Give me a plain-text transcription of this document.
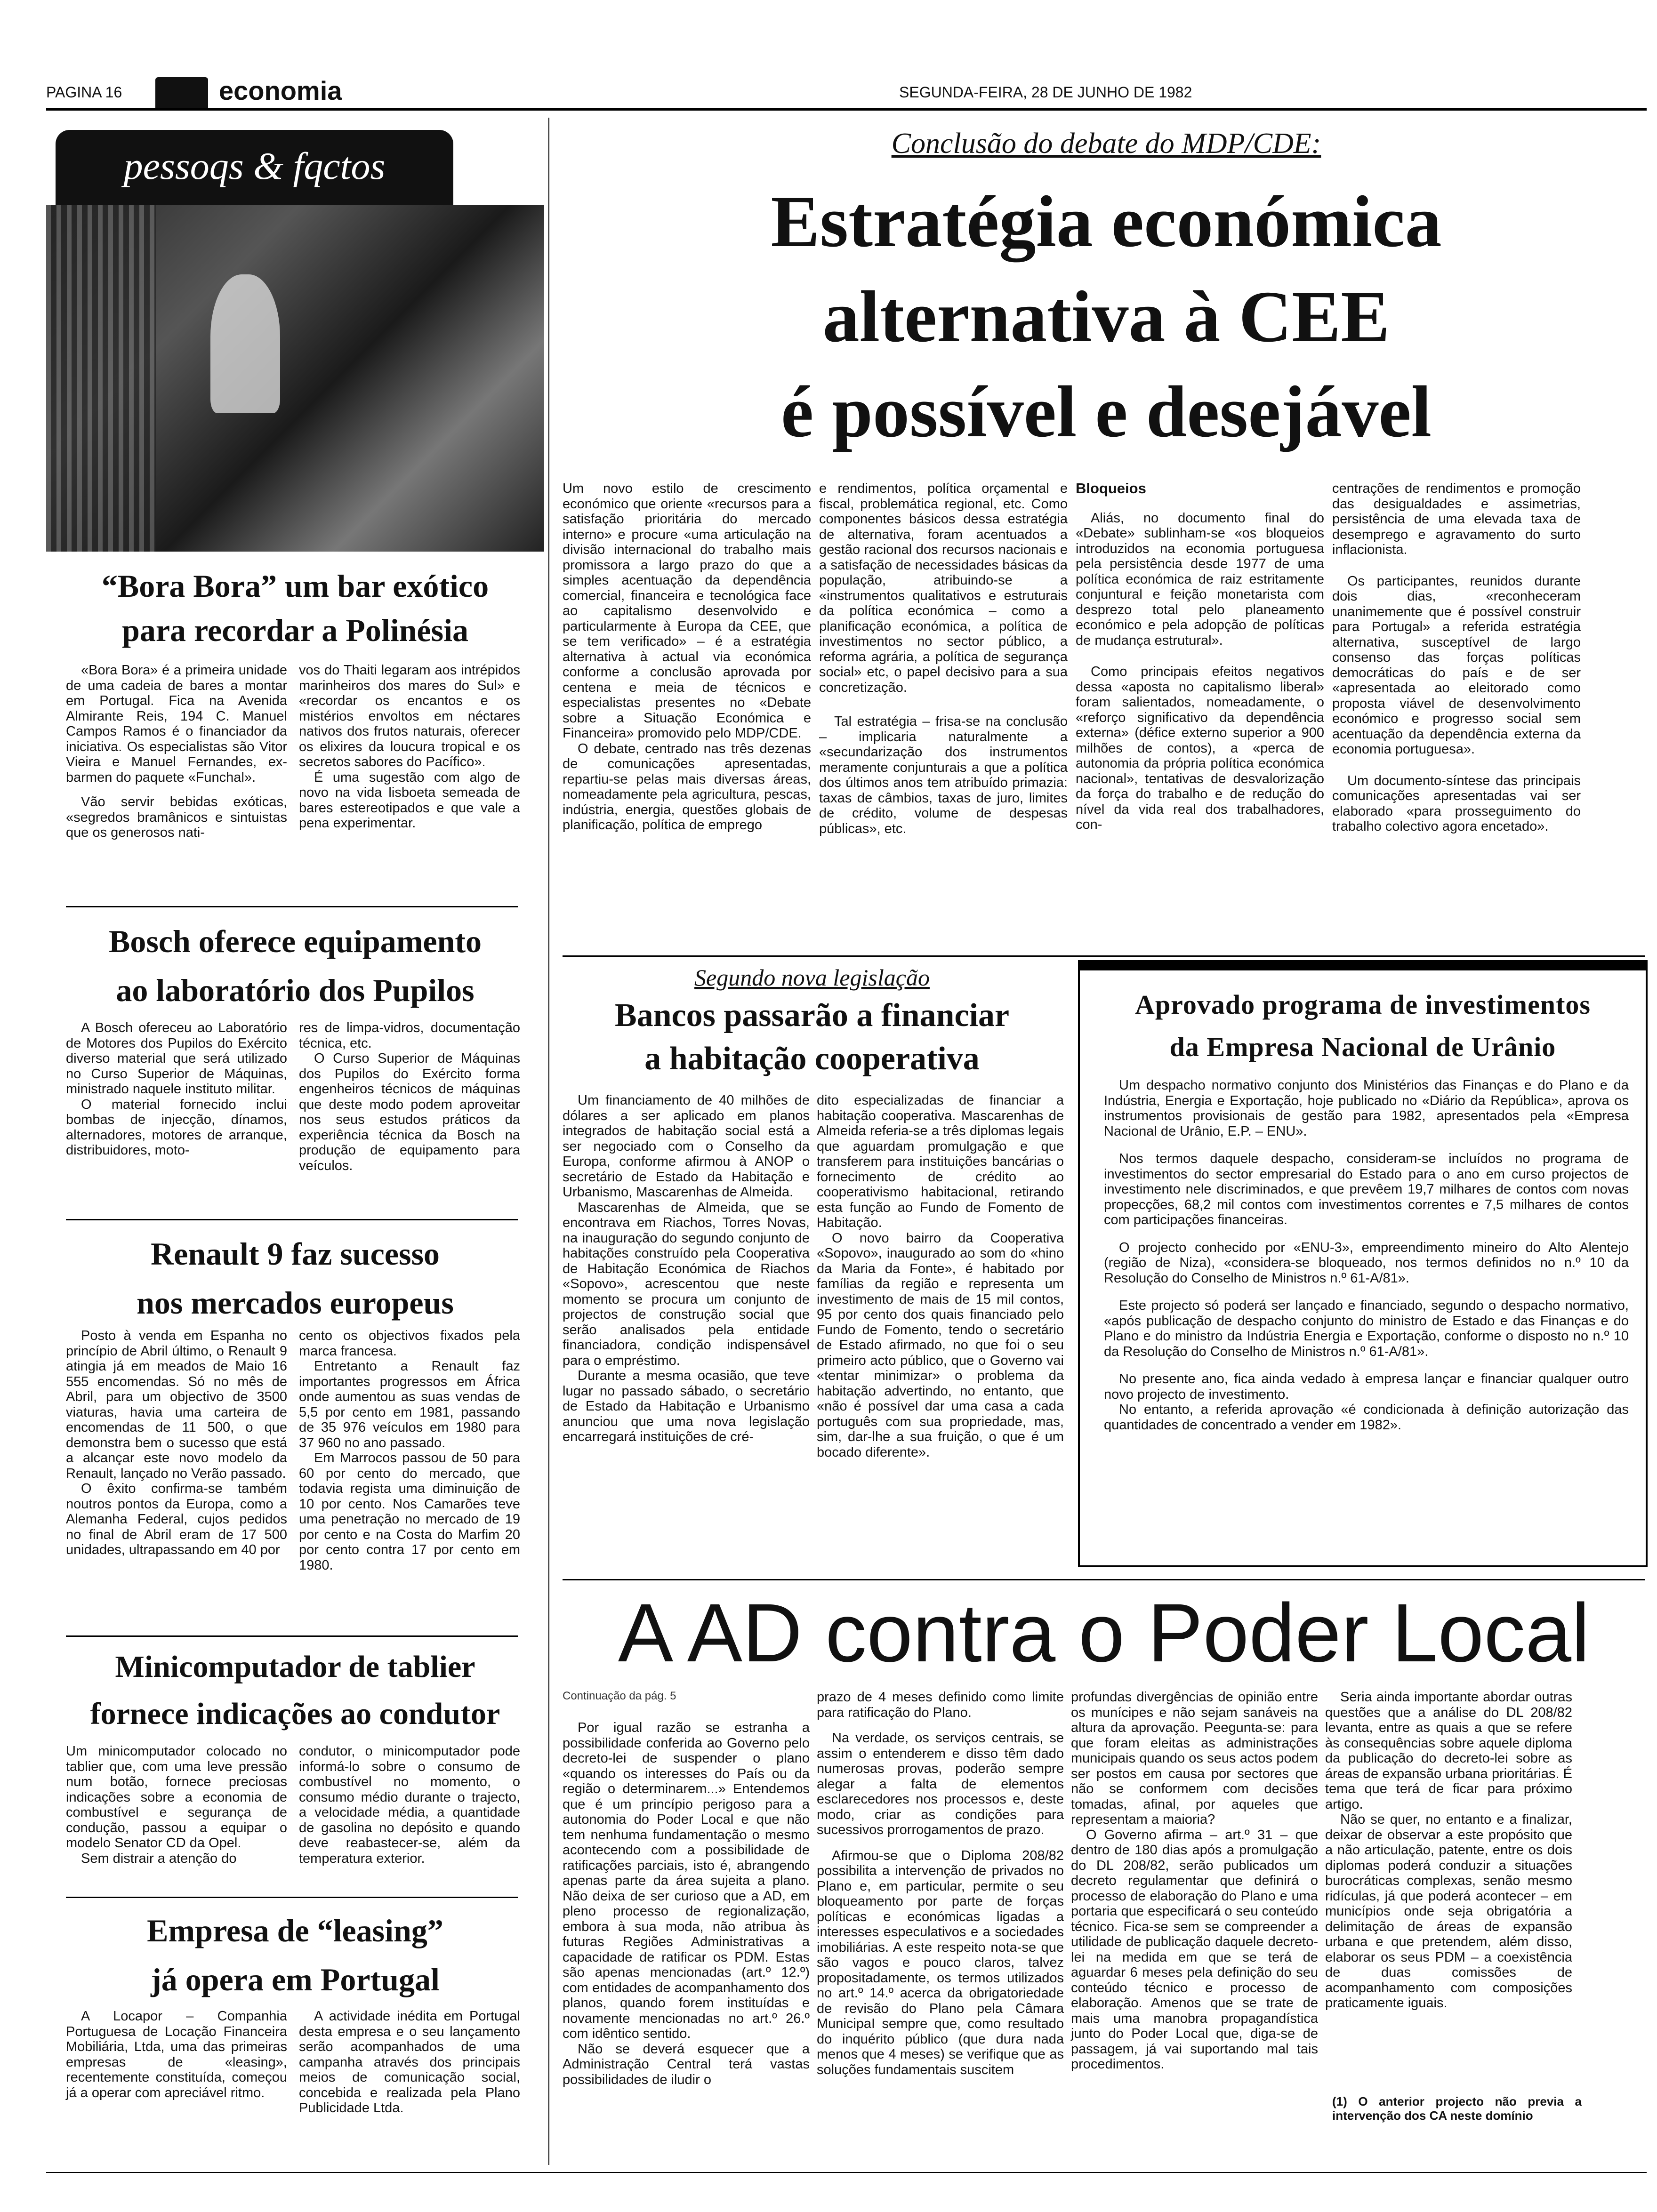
PAGINA 16	economia	SEGUNDA-FEIRA, 28 DE JUNHO DE 1982
pessoqs & fqctos
“Bora Bora” um bar exótico
para recordar a Polinésia

«Bora Bora» é a primeira unidade de uma cadeia de bares a montar em Portugal. Fica na Avenida Almirante Reis, 194 C. Manuel Campos Ramos é o financiador da iniciativa. Os especialistas são Vitor Vieira e Manuel Fernandes, ex-barmen do paquete «Funchal».

Vão servir bebidas exóticas, «segredos bramânicos e sintuistas que os generosos nati-

vos do Thaiti legaram aos intrépidos marinheiros dos mares do Sul» e «recordar os encantos e os mistérios envoltos em néctares nativos dos frutos naturais, oferecer os elixires da loucura tropical e os secretos sabores do Pacífico».

É uma sugestão com algo de novo na vida lisboeta semeada de bares estereotipados e que vale a pena experimentar.

Bosch oferece equipamento
ao laboratório dos Pupilos

A Bosch ofereceu ao Laboratório de Motores dos Pupilos do Exército diverso material que será utilizado no Curso Superior de Máquinas, ministrado naquele instituto militar.

O material fornecido inclui bombas de injecção, dínamos, alternadores, motores de arranque, distribuidores, moto-

res de limpa-vidros, documentação técnica, etc.

O Curso Superior de Máquinas dos Pupilos do Exército forma engenheiros técnicos de máquinas que deste modo podem aproveitar nos seus estudos práticos da experiência técnica da Bosch na produção de equipamento para veículos.

Renault 9 faz sucesso
nos mercados europeus

Posto à venda em Espanha no princípio de Abril último, o Renault 9 atingia já em meados de Maio 16 555 encomendas. Só no mês de Abril, para um objectivo de 3500 viaturas, havia uma carteira de encomendas de 11 500, o que demonstra bem o sucesso que está a alcançar este novo modelo da Renault, lançado no Verão passado.

O êxito confirma-se também noutros pontos da Europa, como a Alemanha Federal, cujos pedidos no final de Abril eram de 17 500 unidades, ultrapassando em 40 por

cento os objectivos fixados pela marca francesa.

Entretanto a Renault faz importantes progressos em África onde aumentou as suas vendas de 5,5 por cento em 1981, passando de 35 976 veículos em 1980 para 37 960 no ano passado.

Em Marrocos passou de 50 para 60 por cento do mercado, que todavia regista uma diminuição de 10 por cento. Nos Camarões teve uma penetração no mercado de 19 por cento e na Costa do Marfim 20 por cento contra 17 por cento em 1980.

Minicomputador de tablier
fornece indicações ao condutor

Um minicomputador colocado no tablier que, com uma leve pressão num botão, fornece preciosas indicações sobre a economia de combustível e segurança de condução, passou a equipar o modelo Senator CD da Opel.

Sem distrair a atenção do

condutor, o minicomputador pode informá-lo sobre o consumo de combustível no momento, o consumo médio durante o trajecto, a velocidade média, a quantidade de gasolina no depósito e quando deve reabastecer-se, além da temperatura exterior.

Empresa de “leasing”
já opera em Portugal

A Locapor – Companhia Portuguesa de Locação Financeira Mobiliária, Ltda, uma das primeiras empresas de «leasing», recentemente constituída, começou já a operar com apreciável ritmo.

A actividade inédita em Portugal desta empresa e o seu lançamento serão acompanhados de uma campanha através dos principais meios de comunicação social, concebida e realizada pela Plano Publicidade Ltda.

Conclusão do debate do MDP/CDE:
Estratégia económica
alternativa à CEE
é possível e desejável

Um novo estilo de crescimento económico que oriente «recursos para a satisfação prioritária do mercado interno» e procure «uma articulação na divisão internacional do trabalho mais promissora a largo prazo do que a simples acentuação da dependência comercial, financeira e tecnológica face ao capitalismo desenvolvido e particularmente à Europa da CEE, que se tem verificado» – é a estratégia alternativa à actual via económica conforme a conclusão aprovada por centena e meia de técnicos e especialistas presentes no «Debate sobre a Situação Económica e Financeira» promovido pelo MDP/CDE.

O debate, centrado nas três dezenas de comunicações apresentadas, repartiu-se pelas mais diversas áreas, nomeadamente pela agricultura, pescas, indústria, energia, questões globais de planificação, política de emprego

e rendimentos, política orçamental e fiscal, problemática regional, etc. Como componentes básicos dessa estratégia de alternativa, foram acentuados a gestão racional dos recursos nacionais e a satisfação de necessidades básicas da população, atribuindo-se a «instrumentos qualitativos e estruturais da política económica – como a planificação económica, a política de investimentos no sector público, a reforma agrária, a política de segurança social» etc, o papel decisivo para a sua concretização.

Tal estratégia – frisa-se na conclusão – implicaria naturalmente a «secundarização dos instrumentos meramente conjunturais a que a política dos últimos anos tem atribuído primazia: taxas de câmbios, taxas de juro, limites de crédito, volume de despesas públicas», etc.

Bloqueios

Aliás, no documento final do «Debate» sublinham-se «os bloqueios introduzidos na economia portuguesa pela persistência desde 1977 de uma política económica de raiz estritamente conjuntural e feição monetarista com desprezo total pelo planeamento económico e pela adopção de políticas de mudança estrutural».

Como principais efeitos negativos dessa «aposta no capitalismo liberal» foram salientados, nomeadamente, o «reforço significativo da dependência externa» (défice externo superior a 900 milhões de contos), a «perca de autonomia da própria política económica nacional», tentativas de desvalorização da força do trabalho e de redução do nível da vida real dos trabalhadores, con-

centrações de rendimentos e promoção das desigualdades e assimetrias, persistência de uma elevada taxa de desemprego e agravamento do surto inflacionista.

Os participantes, reunidos durante dois dias, «reconheceram unanimemente que é possível construir para Portugal» a referida estratégia alternativa, susceptível de largo consenso das forças políticas democráticas do país e de ser «apresentada ao eleitorado como proposta viável de desenvolvimento económico e progresso social sem acentuação da dependência externa da economia portuguesa».

Um documento-síntese das principais comunicações apresentadas vai ser elaborado «para prosseguimento do trabalho colectivo agora encetado».

Segundo nova legislação
Bancos passarão a financiar
a habitação cooperativa

Um financiamento de 40 milhões de dólares a ser aplicado em planos integrados de habitação social está a ser negociado com o Conselho da Europa, conforme afirmou à ANOP o secretário de Estado da Habitação e Urbanismo, Mascarenhas de Almeida.

Mascarenhas de Almeida, que se encontrava em Riachos, Torres Novas, na inauguração do segundo conjunto de habitações construído pela Cooperativa de Habitação Económica de Riachos «Sopovo», acrescentou que neste momento se procura um conjunto de projectos de construção social que serão analisados pela entidade financiadora, condição indispensável para o empréstimo.

Durante a mesma ocasião, que teve lugar no passado sábado, o secretário de Estado da Habitação e Urbanismo anunciou que uma nova legislação encarregará instituições de cré-

dito especializadas de financiar a habitação cooperativa. Mascarenhas de Almeida referia-se a três diplomas legais que aguardam promulgação e que transferem para instituições bancárias o fornecimento de crédito ao cooperativismo habitacional, retirando esta função ao Fundo de Fomento de Habitação.

O novo bairro da Cooperativa «Sopovo», inaugurado ao som do «hino da Maria da Fonte», é habitado por famílias da região e representa um investimento de mais de 15 mil contos, 95 por cento dos quais financiado pelo Fundo de Fomento, tendo o secretário de Estado afirmado, no que foi o seu primeiro acto público, que o Governo vai «tentar minimizar» o problema da habitação advertindo, no entanto, que «não é possível dar uma casa a cada português com sua propriedade, mas, sim, dar-lhe a sua fruição, o que é um bocado diferente».

Aprovado programa de investimentos
da Empresa Nacional de Urânio

Um despacho normativo conjunto dos Ministérios das Finanças e do Plano e da Indústria, Energia e Exportação, hoje publicado no «Diário da República», aprova os instrumentos provisionais de gestão para 1982, apresentados pela «Empresa Nacional de Urânio, E.P. – ENU».

Nos termos daquele despacho, consideram-se incluídos no programa de investimentos do sector empresarial do Estado para o ano em curso projectos de investimento nele discriminados, e que prevêem 19,7 milhares de contos com novas propecções, 68,2 mil contos com investimentos correntes e 7,5 milhares de contos com participações financeiras.

O projecto conhecido por «ENU-3», empreendimento mineiro do Alto Alentejo (região de Niza), «considera-se bloqueado, nos termos definidos no n.º 10 da Resolução do Conselho de Ministros n.º 61-A/81».

Este projecto só poderá ser lançado e financiado, segundo o despacho normativo, «após publicação de despacho conjunto do ministro de Estado e das Finanças e do Plano e do ministro da Indústria Energia e Exportação, conforme o disposto no n.º 10 da Resolução do Conselho de Ministros n.º 61-A/81».

No presente ano, fica ainda vedado à empresa lançar e financiar qualquer outro novo projecto de investimento.

No entanto, a referida aprovação «é condicionada à definição autorização das quantidades de concentrado a vender em 1982».

A AD contra o Poder Local
Continuação da pág. 5

Por igual razão se estranha a possibilidade conferida ao Governo pelo decreto-lei de suspender o plano «quando os interesses do País ou da região o determinarem...» Entendemos que é um princípio perigoso para a autonomia do Poder Local e que não tem nenhuma fundamentação o mesmo acontecendo com a possibilidade de ratificações parciais, isto é, abrangendo apenas parte da área sujeita a plano. Não deixa de ser curioso que a AD, em pleno processo de regionalização, embora à sua moda, não atribua às futuras Regiões Administrativas a capacidade de ratificar os PDM. Estas são apenas mencionadas (art.º 12.º) com entidades de acompanhamento dos planos, quando forem instituídas e novamente mencionadas no art.º 26.º com idêntico sentido.

Não se deverá esquecer que a Administração Central terá vastas possibilidades de iludir o

prazo de 4 meses definido como limite para ratificação do Plano.

Na verdade, os serviços centrais, se assim o entenderem e disso têm dado numerosas provas, poderão sempre alegar a falta de elementos esclarecedores nos processos e, deste modo, criar as condições para sucessivos prorrogamentos de prazo.

Afirmou-se que o Diploma 208/82 possibilita a intervenção de privados no Plano e, em particular, permite o seu bloqueamento por parte de forças políticas e económicas ligadas a interesses especulativos e a sociedades imobiliárias. A este respeito nota-se que são vagos e pouco claros, talvez propositadamente, os termos utilizados no art.º 14.º acerca da obrigatoriedade de revisão do Plano pela Câmara MunicipaI sempre que, como resultado do inquérito público (que dura nada menos que 4 meses) se verifique que as soluções fundamentais suscitem

profundas divergências de opinião entre os munícipes e não sejam sanáveis na altura da aprovação. Peegunta-se: para que foram eleitas as administrações municipais quando os seus actos podem ser postos em causa por sectores que não se conformem com decisões tomadas, afinal, por aqueles que representam a maioria?

O Governo afirma – art.º 31 – que dentro de 180 dias após a promulgação do DL 208/82, serão publicados um decreto regulamentar que definirá o processo de elaboração do Plano e uma portaria que especificará o seu conteúdo técnico. Fica-se sem se compreender a utilidade de publicação daquele decreto-lei na medida em que se terá de aguardar 6 meses pela definição do seu conteúdo técnico e processo de elaboração. Amenos que se trate de mais uma manobra propagandística junto do Poder Local que, diga-se de passagem, já vai suportando mal tais procedimentos.

Seria ainda importante abordar outras questões que a análise do DL 208/82 levanta, entre as quais a que se refere às consequências sobre aquele diploma da publicação do decreto-lei sobre as áreas de expansão urbana prioritárias. É tema que terá de ficar para próximo artigo.

Não se quer, no entanto e a finalizar, deixar de observar a este propósito que a não articulação, patente, entre os dois diplomas poderá conduzir a situações burocráticas complexas, senão mesmo ridículas, já que poderá acontecer – em municípios onde seja obrigatória a delimitação de áreas de expansão urbana e que pretendem, além disso, elaborar os seus PDM – a coexistência de duas comissões de acompanhamento com composições praticamente iguais.

(1) O anterior projecto não previa a intervenção dos CA neste domínio
